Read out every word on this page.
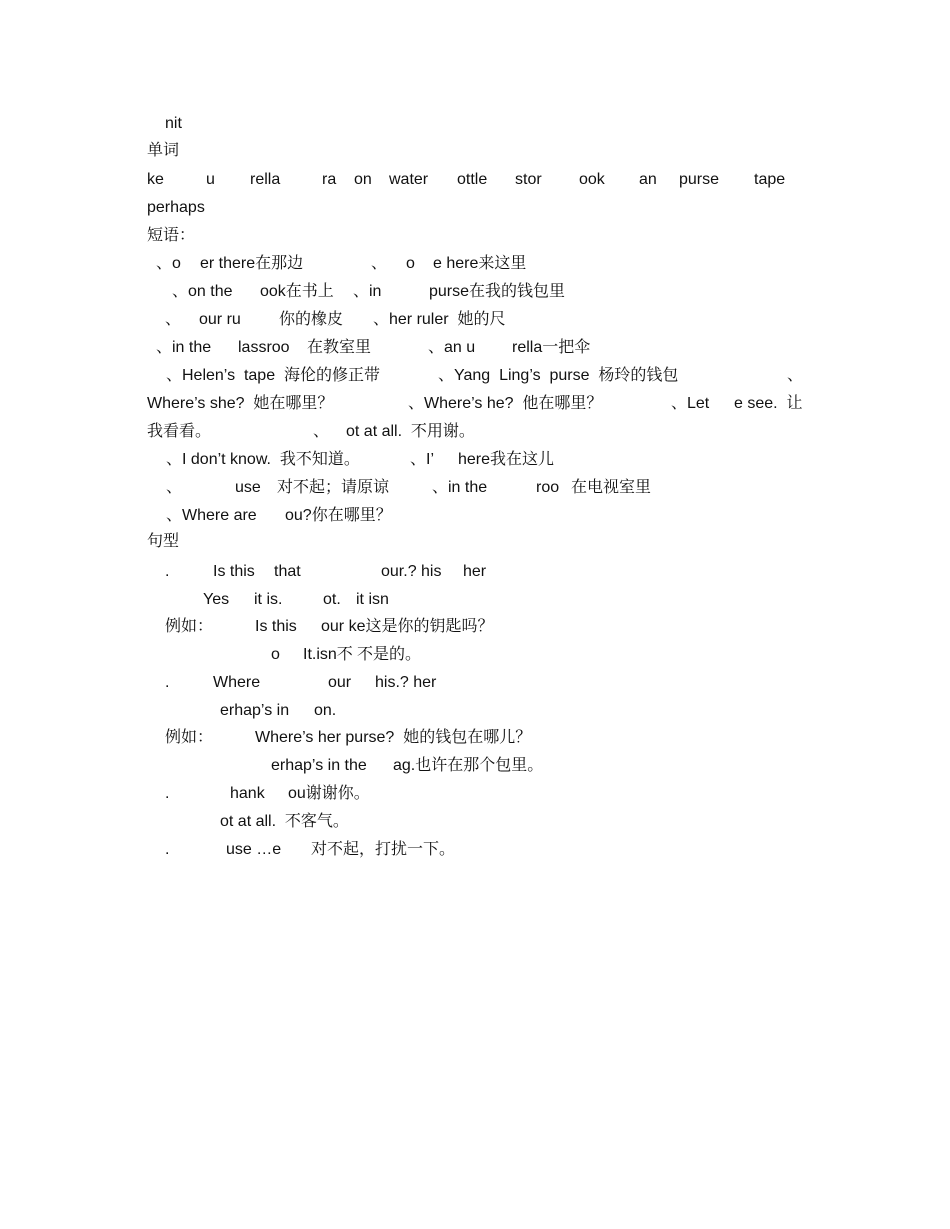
nit
单词
ke	u rella	ra on water ottle stor ook an purse tape
perhaps
短语：
、o er there在那边	、 o e here来这里
、on the ook在书上 、in	purse在我的钱包里
、 our ru 你的橡皮 、her ruler  她的尺
、in the lassroo 在教室里	、an u rella一把伞
、Helen’s  tape  海伦的修正带	、Yang  Ling’s  purse  杨玲的钱包	、
Where’s she?  她在哪里？	、Where’s he?  他在哪里？	、Let e see.  让
我看看。	、 ot at all.  不用谢。
、I don’t know.  我不知道。	、I’ here我在这儿
、	use 对不起；请原谅	、in the	roo 在电视室里
、Where are ou?你在哪里？
句型
.	Is this that	our.? his her
Yes it is.	ot. it isn
例如：	Is this our ke这是你的钥匙吗？
o It.isn不 不是的。
.	Where	our his.? her
erhap’s in on.
例如：	Where’s her purse?  她的钱包在哪儿？
erhap’s in the ag.也许在那个包里。
.	hank ou谢谢你。
ot at all.  不客气。
.	use …e 对不起，打扰一下。
